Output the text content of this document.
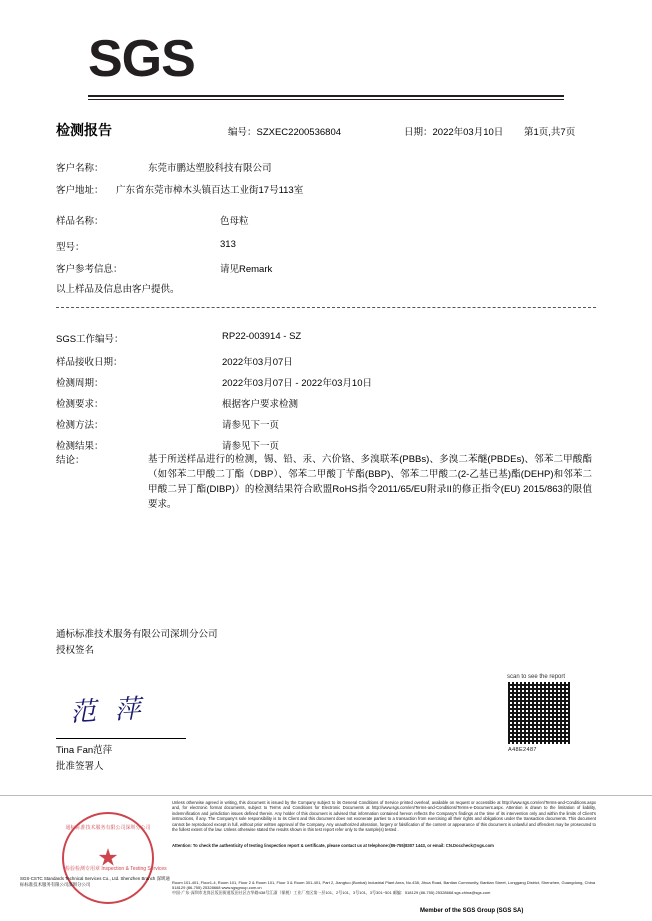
SGS
检测报告	编号：SZXEC2200536804	日期：2022年03月10日 第1页,共7页
客户名称：	东莞市鹏达塑胶科技有限公司
客户地址： 广东省东莞市樟木头镇百达工业街17号113室
样品名称：	色母粒
型号：	313
客户参考信息：	请见Remark
以上样品及信息由客户提供。
SGS工作编号：	RP22-003914 - SZ
样品接收日期：	2022年03月07日
检测周期：	2022年03月07日 - 2022年03月10日
检测要求：	根据客户要求检测
检测方法：	请参见下一页
检测结果：	请参见下一页
结论：	基于所送样品进行的检测，锡、铅、汞、六价铬、多溴联苯(PBBs)、多溴二苯醚(PBDEs)、邻苯二甲酸酯（如邻苯二甲酸二丁酯（DBP）、邻苯二甲酸丁苄酯(BBP)、邻苯二甲酸二(2-乙基已基)酯(DEHP)和邻苯二甲酸二异丁酯(DIBP)）的检测结果符合欧盟RoHS指令2011/65/EU附录II的修正指令(EU) 2015/863的限值要求。
通标标准技术服务有限公司深圳分公司
授权签名
范 萍
Tina Fan范萍
批准签署人
scan to see the report
A48E2487
通标标准技术服务有限公司深圳分公司
★
检验检测专用章 Inspection & Testing Services
SGS-CSTC Standards Technical Services Co., Ltd. Shenzhen Branch 深圳通标标准技术服务有限公司深圳分公司
Unless otherwise agreed in writing, this document is issued by the Company subject to its General Conditions of Service printed overleaf, available on request or accessible at http://www.sgs.com/en/Terms-and-Conditions.aspx and, for electronic format documents, subject to Terms and Conditions for Electronic Documents at http://www.sgs.com/en/Terms-and-Conditions/Terms-e-Document.aspx. Attention is drawn to the limitation of liability, indemnification and jurisdiction issues defined therein. Any holder of this document is advised that information contained hereon reflects the Company's findings at the time of its intervention only and within the limits of Client's instructions, if any. The Company's sole responsibility is to its Client and this document does not exonerate parties to a transaction from exercising all their rights and obligations under the transaction documents. This document cannot be reproduced except in full, without prior written approval of the Company. Any unauthorized alteration, forgery or falsification of the content or appearance of this document is unlawful and offenders may be prosecuted to the fullest extent of the law. Unless otherwise stated the results shown in this test report refer only to the sample(s) tested .
Attention: To check the authenticity of testing /inspection report & certificate, please contact us at telephone:(86-755)8307 1443, or email: CN.Doccheck@sgs.com
Room 101-401, Floor1-4, Room 101, Floor 2 & Room 101, Floor 3 & Room 301-401, Part 2, Jiangtuo (Bonbai) Industrial Plant Area, No.438, Jihua Road, Bantian Community, Bantian Street, Longgang District, Shenzhen, Guangdong, China 518129 (86-755) 25328668 www.sgsgroup.com.cn
中国·广东·深圳市龙岗区坂田街道坂田社区吉华路438号江淑（保税）工业厂房区第一层101、2号101、3号101、3号301~501 邮编：518129 (86-755) 25328668 sgs.china@sgs.com
Member of the SGS Group (SGS SA)
